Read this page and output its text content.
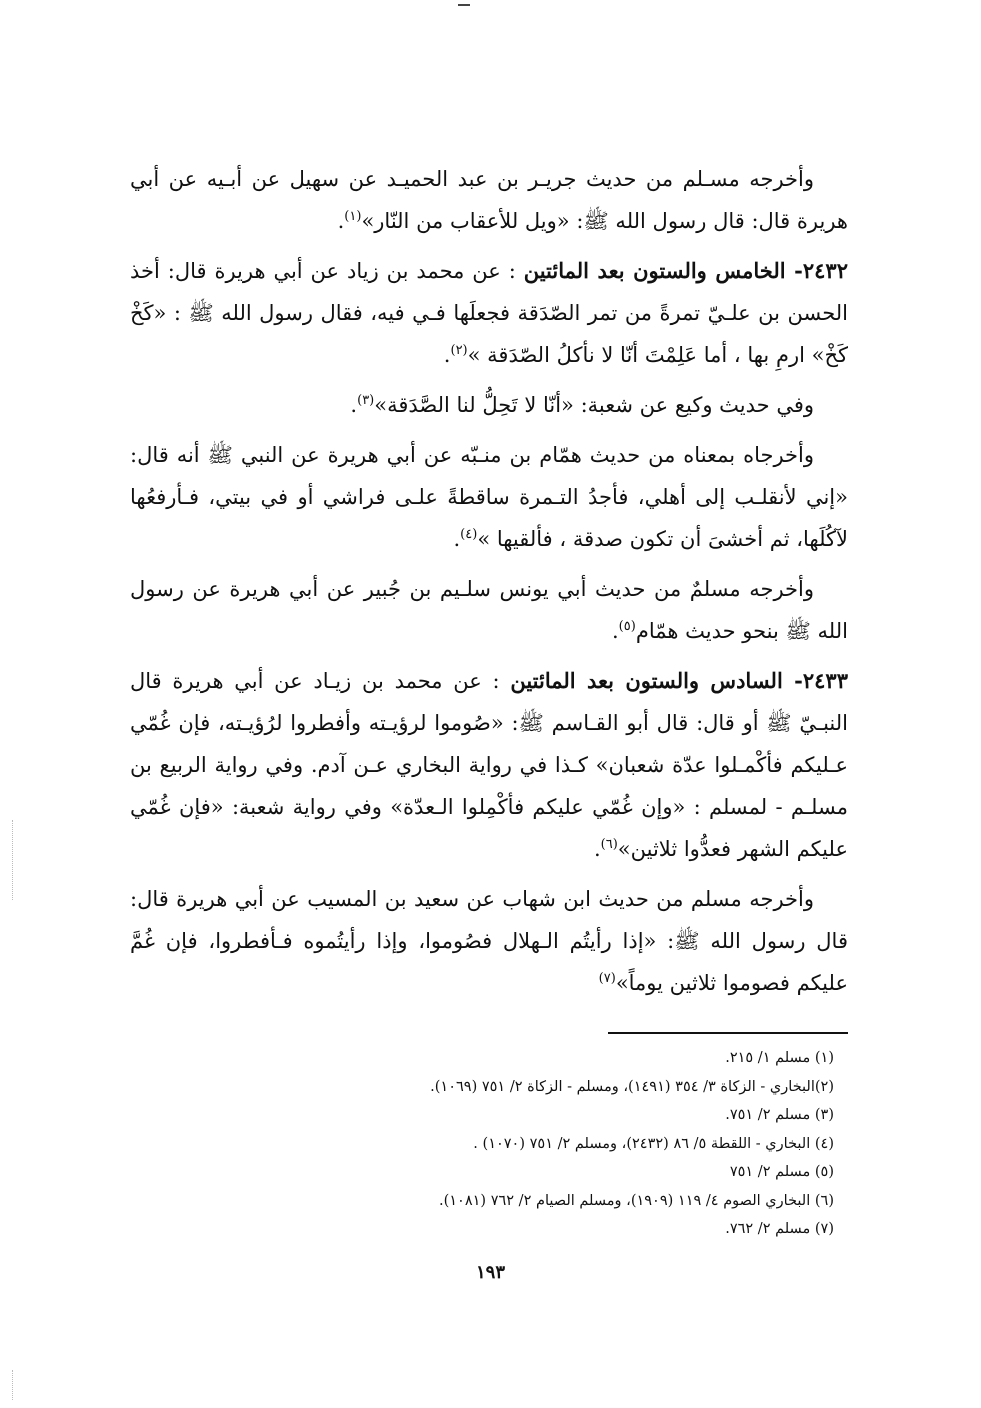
وأخرجه مسـلم من حديث جريـر بن عبد الحميـد عن سهيل عن أبـيه عن أبي هريرة قال: قال رسول الله ﷺ: «ويل للأعقاب من النّار»$^{(١)}$.

٢٤٣٢- الخامس والستون بعد المائتين : عن محمد بن زياد عن أبي هريرة قال: أخذ الحسن بن علـيّ تمرةً من تمر الصّدَقة فجعلَها فـي فيه، فقال رسول الله ﷺ : «كَخْ كَخْ» ارمِ بها ، أما عَلِمْتَ أنّا لا نأكلُ الصّدَقة »$^{(٢)}$.

وفي حديث وكيع عن شعبة: «أنّا لا تَحِلُّ لنا الصَّدَقة»$^{(٣)}$.

وأخرجاه بمعناه من حديث همّام بن منـبّه عن أبي هريرة عن النبي ﷺ أنه قال: «إني لأنقلـب إلى أهلي، فأجدُ التـمرة ساقطةً علـى فراشي أو في بيتي، فـأرفعُها لآكُلَها، ثم أخشىَ أن تكون صدقة ، فألقيها »$^{(٤)}$.

وأخرجه مسلمٌ من حديث أبي يونس سلـيم بن جُبير عن أبي هريرة عن رسول الله ﷺ بنحو حديث همّام$^{(٥)}$.

٢٤٣٣- السادس والستون بعد المائتين : عن محمد بن زيـاد عن أبي هريرة قال النبـيّ ﷺ أو قال: قال أبو القـاسم ﷺ: «صُوموا لرؤيـته وأفطروا لرُؤيـته، فإن غُمّي عـليكم فأكْمـلوا عدّة شعبان» كـذا في رواية البخاري عـن آدم. وفي رواية الربيع بن مسلـم - لمسلم : «وإن غُمّي عليكم فأكْمِلوا الـعدّة» وفي رواية شعبة: «فإن غُمّي عليكم الشهر فعدُّوا ثلاثين»$^{(٦)}$.

وأخرجه مسلم من حديث ابن شهاب عن سعيد بن المسيب عن أبي هريرة قال: قال رسول الله ﷺ: «إذا رأيتُم الـهلال فصُوموا، وإذا رأيتُموه فـأفطروا، فإن غُمَّ عليكم فصوموا ثلاثين يوماً»$^{(٧)}$

(١) مسلم ١/ ٢١٥.
(٢)البخاري - الزكاة ٣/ ٣٥٤ (١٤٩١)، ومسلم - الزكاة ٢/ ٧٥١ (١٠٦٩).
(٣) مسلم ٢/ ٧٥١.
(٤) البخاري - اللقطة ٥/ ٨٦ (٢٤٣٢)، ومسلم ٢/ ٧٥١ (١٠٧٠) .
(٥) مسلم ٢/ ٧٥١
(٦) البخاري الصوم ٤/ ١١٩ (١٩٠٩)، ومسلم الصيام ٢/ ٧٦٢ (١٠٨١).
(٧) مسلم ٢/ ٧٦٢.
١٩٣
